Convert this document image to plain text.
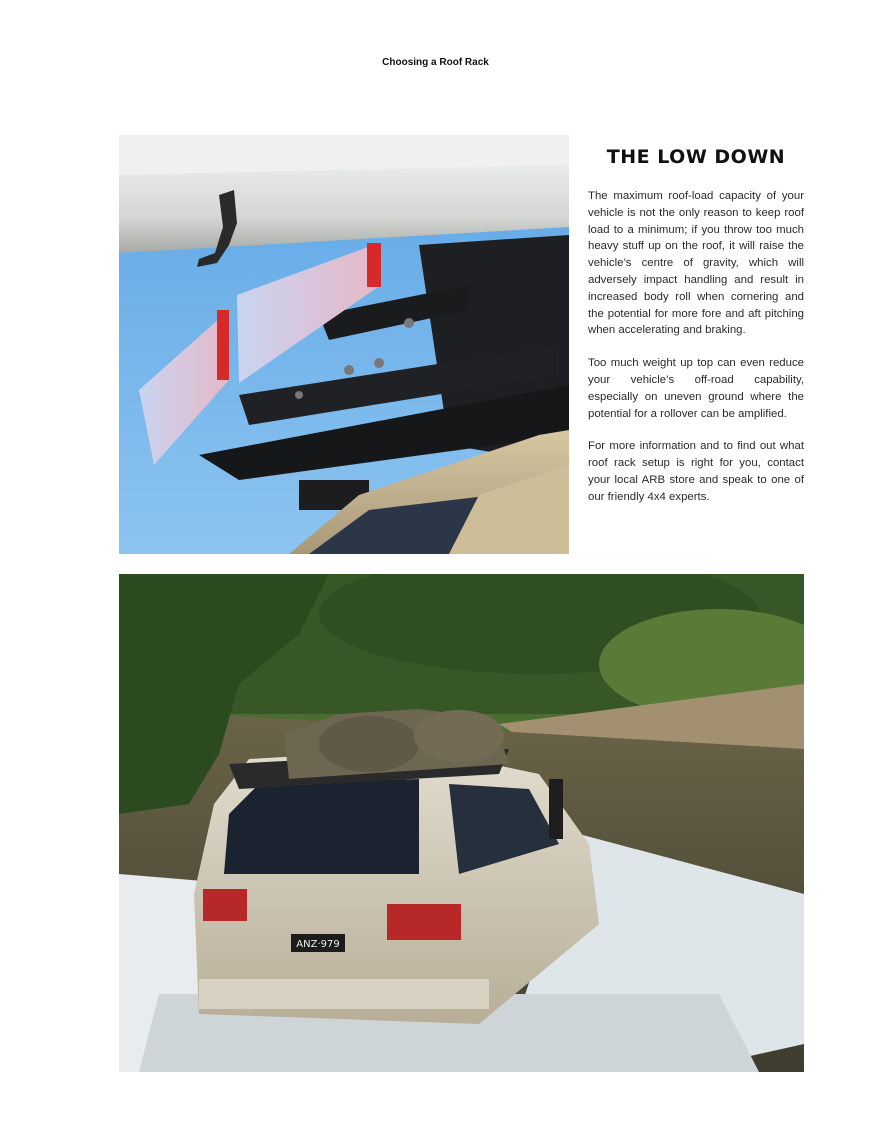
Choosing a Roof Rack
THE LOW DOWN

The maximum roof-load capacity of your vehicle is not the only reason to keep roof load to a minimum; if you throw too much heavy stuff up on the roof, it will raise the vehicle’s centre of gravity, which will adversely impact handling and result in increased body roll when cornering and the potential for more fore and aft pitching when accelerating and braking.

Too much weight up top can even reduce your vehicle’s off-road capability, especially on uneven ground where the potential for a rollover can be amplified.

For more information and to find out what roof rack setup is right for you, contact your local ARB store and speak to one of our friendly 4x4 experts.

ANZ·979
